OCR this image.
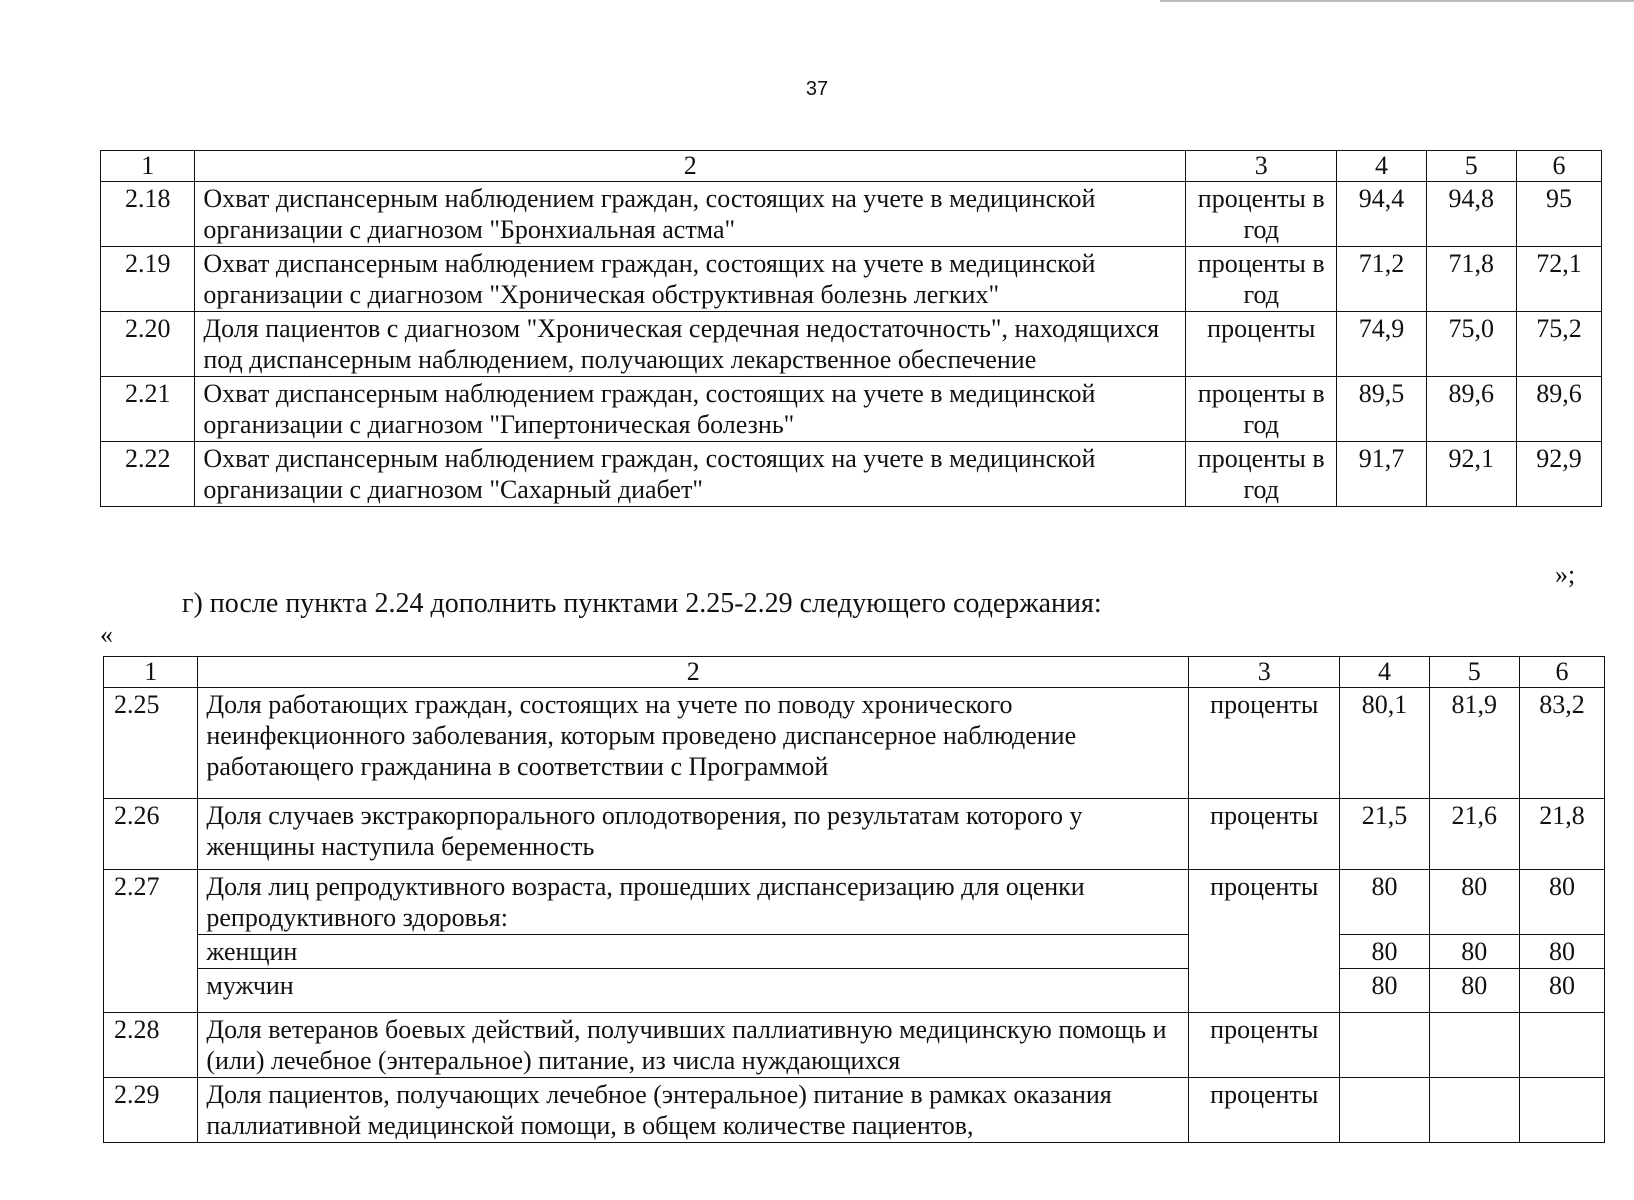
37
1	2	3	4	5	6
2.18	Охват диспансерным наблюдением граждан, состоящих на учете в медицинской организации с диагнозом "Бронхиальная астма"	проценты в год	94,4	94,8	95
2.19	Охват диспансерным наблюдением граждан, состоящих на учете в медицинской организации с диагнозом "Хроническая обструктивная болезнь легких"	проценты в год	71,2	71,8	72,1
2.20	Доля пациентов с диагнозом "Хроническая сердечная недостаточность", находящихся под диспансерным наблюдением, получающих лекарственное обеспечение	проценты	74,9	75,0	75,2
2.21	Охват диспансерным наблюдением граждан, состоящих на учете в медицинской организации с диагнозом "Гипертоническая болезнь"	проценты в год	89,5	89,6	89,6
2.22	Охват диспансерным наблюдением граждан, состоящих на учете в медицинской организации с диагнозом "Сахарный диабет"	проценты в год	91,7	92,1	92,9
»;
г) после пункта 2.24 дополнить пунктами 2.25-2.29 следующего содержания:
«
1	2	3	4	5	6
2.25	Доля работающих граждан, состоящих на учете по поводу хронического неинфекционного заболевания, которым проведено диспансерное наблюдение работающего гражданина в соответствии с Программой	проценты	80,1	81,9	83,2
2.26	Доля случаев экстракорпорального оплодотворения, по результатам которого у женщины наступила беременность	проценты	21,5	21,6	21,8
2.27	Доля лиц репродуктивного возраста, прошедших диспансеризацию для оценки репродуктивного здоровья:	проценты	80	80	80
	женщин		80	80	80
	мужчин		80	80	80
2.28	Доля ветеранов боевых действий, получивших паллиативную медицинскую помощь и (или) лечебное (энтеральное) питание, из числа нуждающихся	проценты			
2.29	Доля пациентов, получающих лечебное (энтеральное) питание в рамках оказания паллиативной медицинской помощи, в общем количестве пациентов,	проценты			
